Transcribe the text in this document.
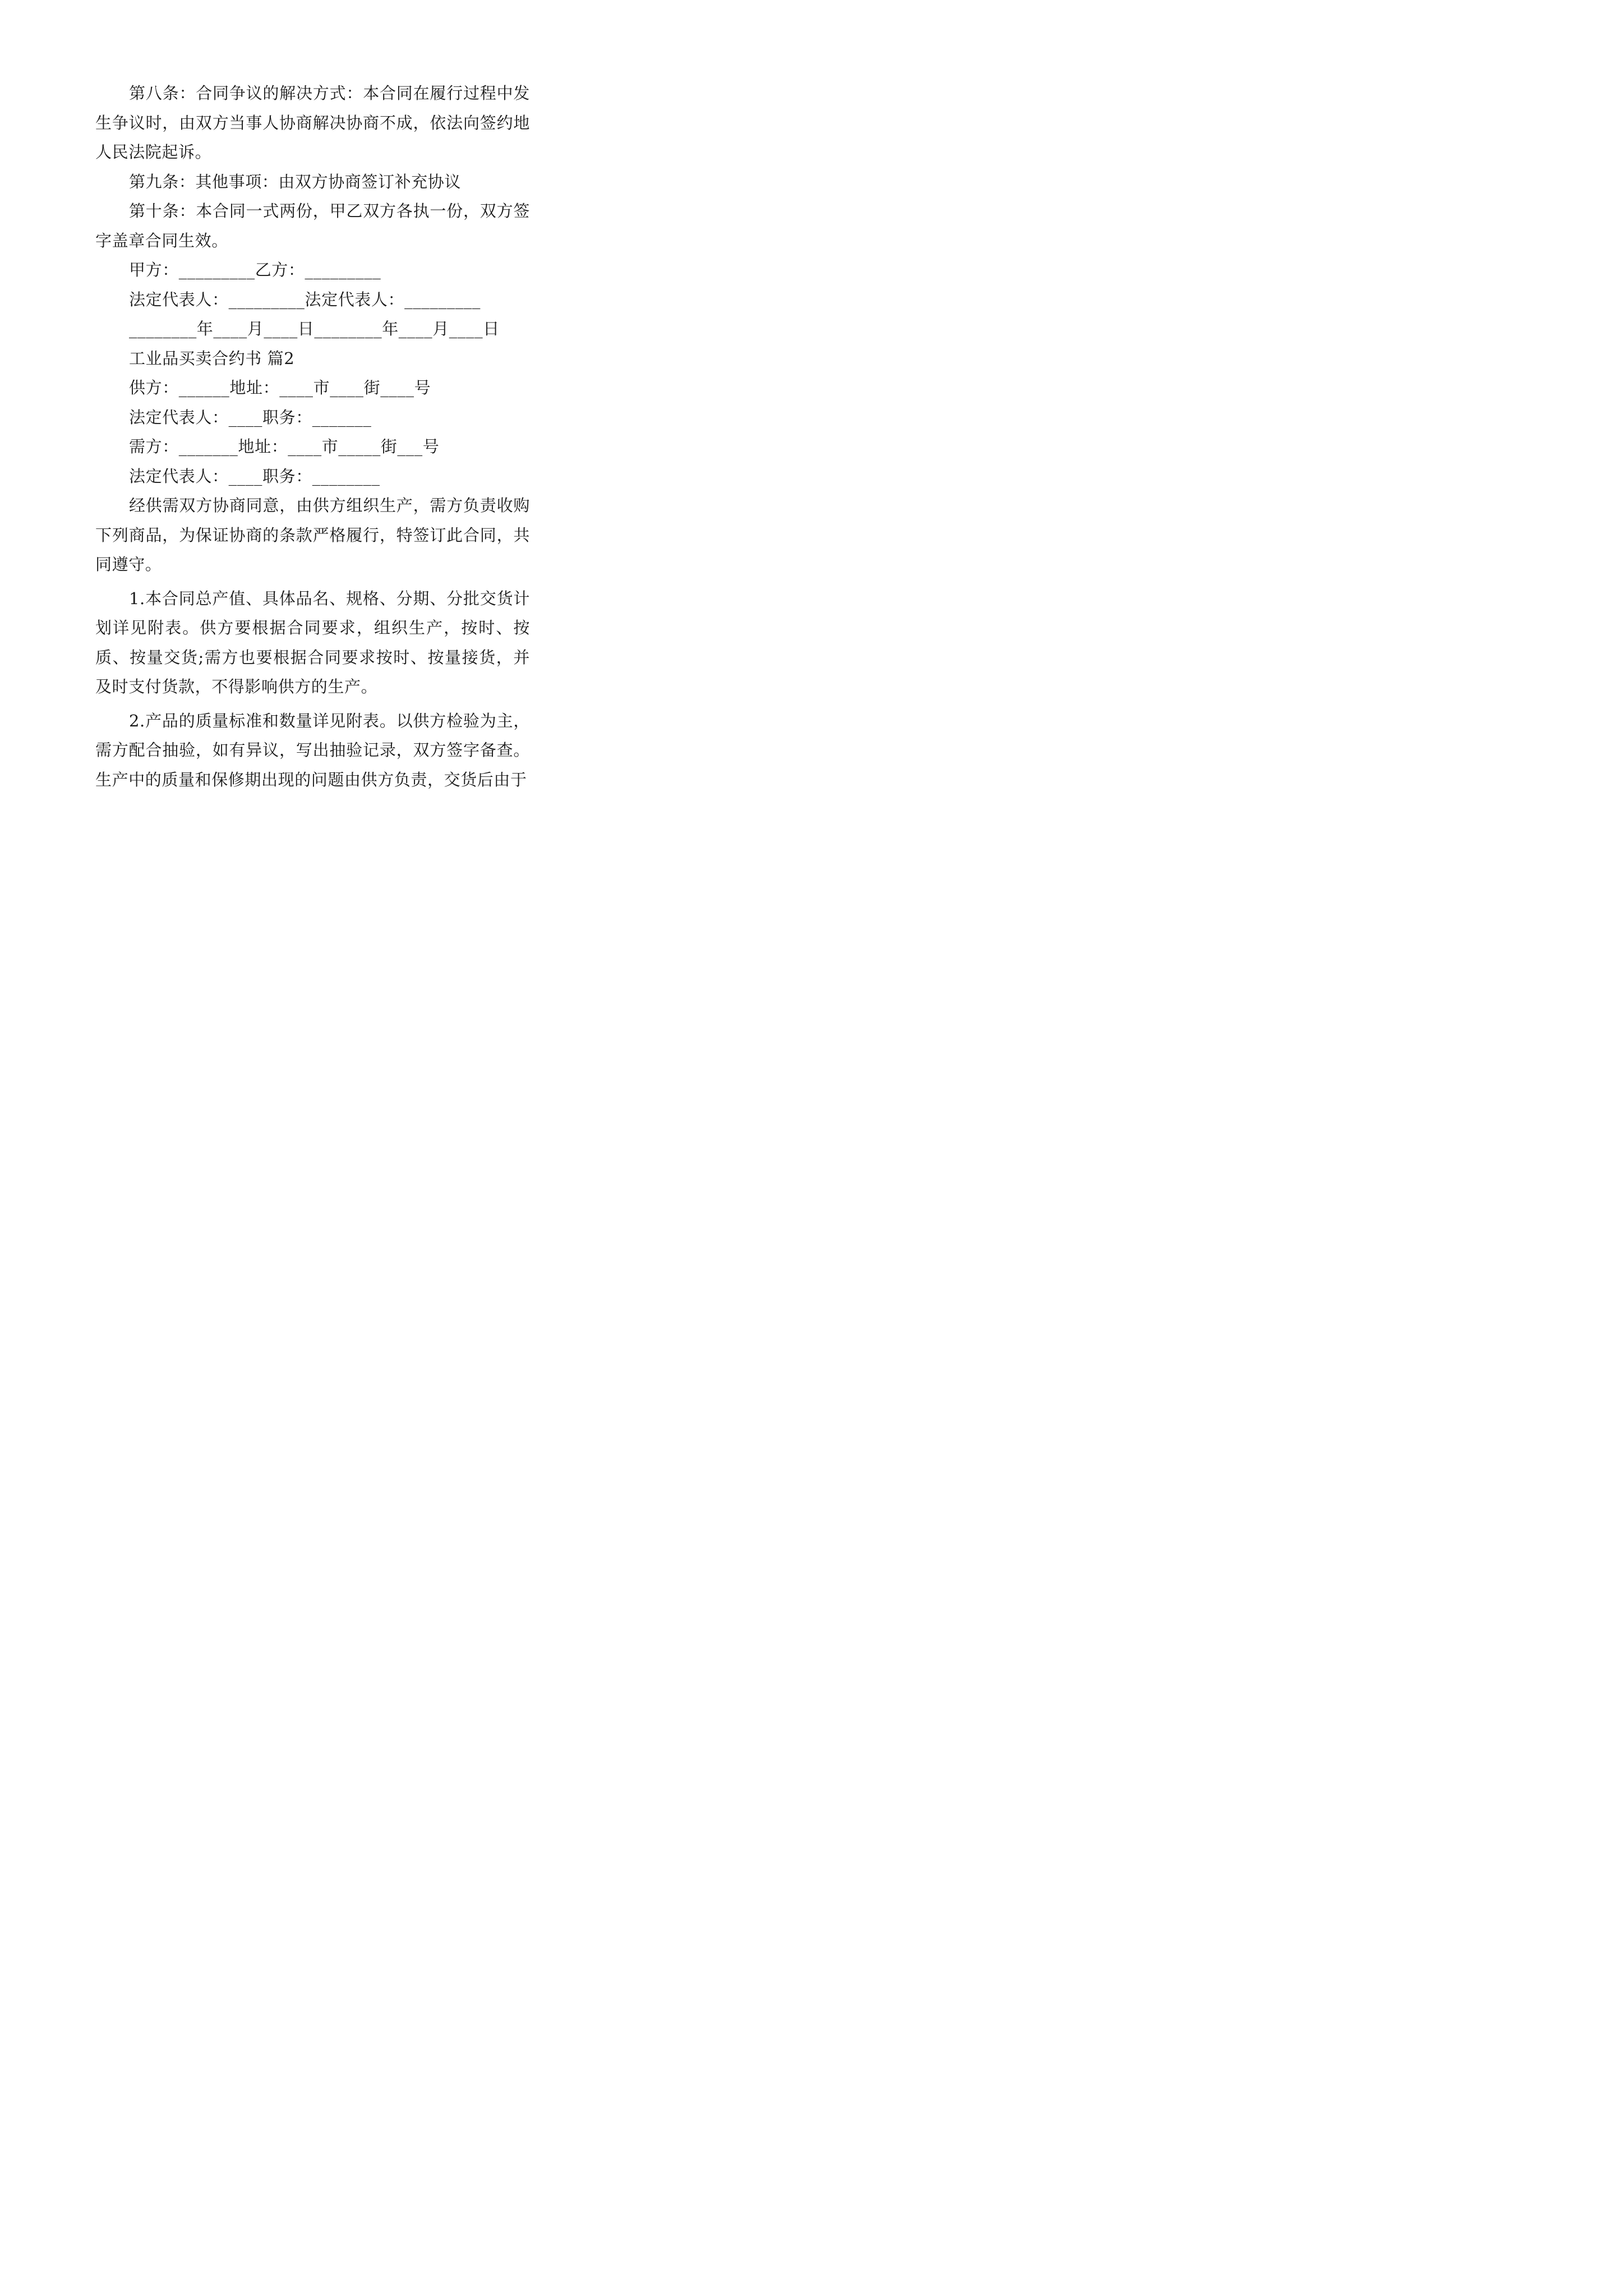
第八条：合同争议的解决方式：本合同在履行过程中发生争议时，由双方当事人协商解决协商不成，依法向签约地人民法院起诉。

第九条：其他事项：由双方协商签订补充协议

第十条：本合同一式两份，甲乙双方各执一份，双方签字盖章合同生效。

甲方：_________乙方：_________

法定代表人：_________法定代表人：_________

________年____月____日________年____月____日

工业品买卖合约书 篇2

供方：______地址：____市____街____号

法定代表人：____职务：_______

需方：_______地址：____市_____街___号

法定代表人：____职务：________

经供需双方协商同意，由供方组织生产，需方负责收购下列商品，为保证协商的条款严格履行，特签订此合同，共同遵守。

1.本合同总产值、具体品名、规格、分期、分批交货计划详见附表。供方要根据合同要求，组织生产，按时、按质、按量交货;需方也要根据合同要求按时、按量接货，并及时支付货款，不得影响供方的生产。

2.产品的质量标准和数量详见附表。以供方检验为主，需方配合抽验，如有异议，写出抽验记录，双方签字备查。生产中的质量和保修期出现的问题由供方负责，交货后由于
